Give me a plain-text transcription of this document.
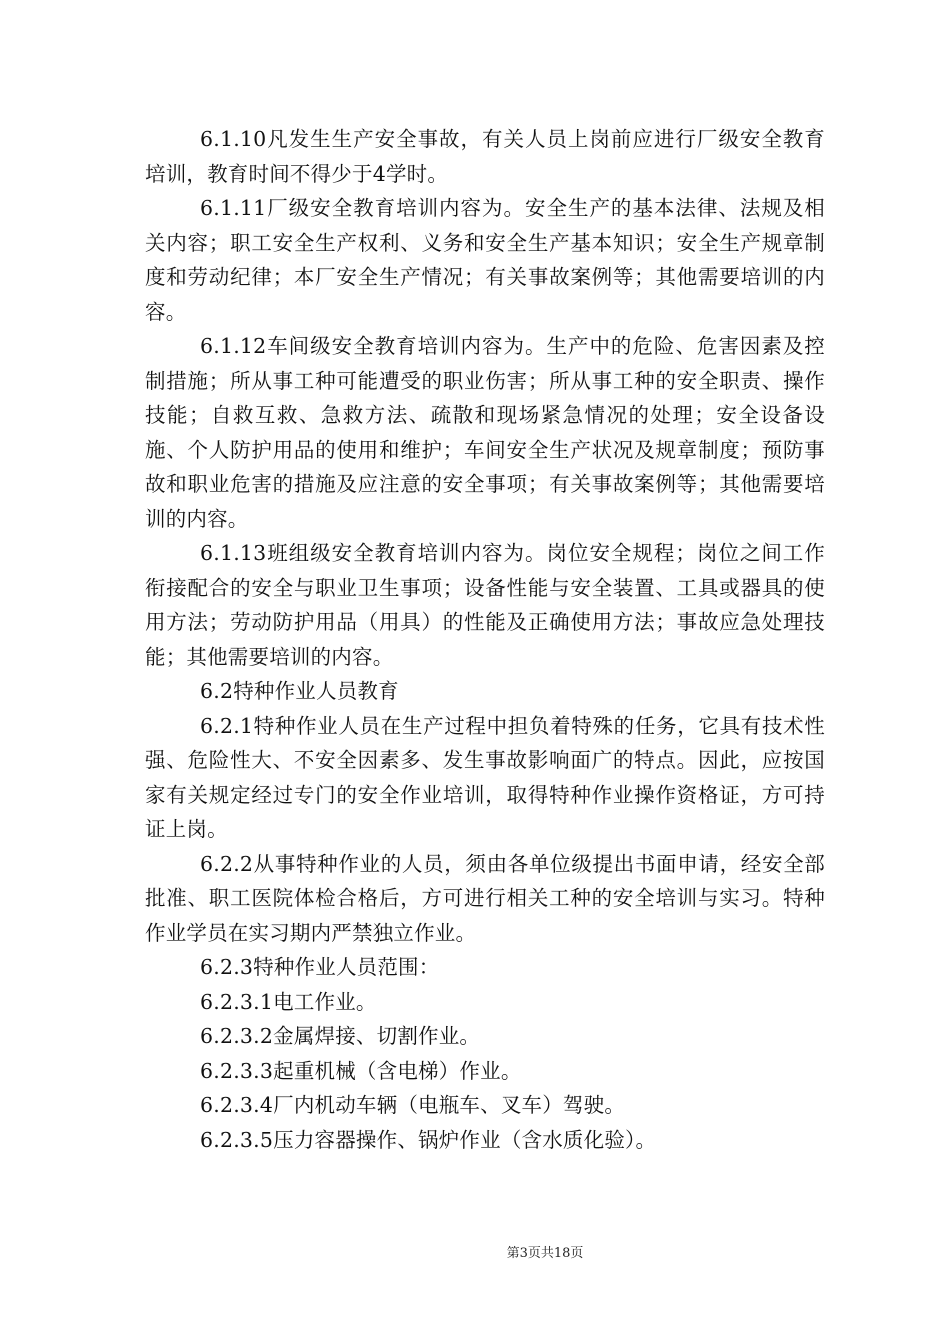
6.1.10凡发生生产安全事故，有关人员上岗前应进行厂级安全教育培训，教育时间不得少于4学时。

6.1.11厂级安全教育培训内容为。安全生产的基本法律、法规及相关内容；职工安全生产权利、义务和安全生产基本知识；安全生产规章制度和劳动纪律；本厂安全生产情况；有关事故案例等；其他需要培训的内容。

6.1.12车间级安全教育培训内容为。生产中的危险、危害因素及控制措施；所从事工种可能遭受的职业伤害；所从事工种的安全职责、操作技能；自救互救、急救方法、疏散和现场紧急情况的处理；安全设备设施、个人防护用品的使用和维护；车间安全生产状况及规章制度；预防事故和职业危害的措施及应注意的安全事项；有关事故案例等；其他需要培训的内容。

6.1.13班组级安全教育培训内容为。岗位安全规程；岗位之间工作衔接配合的安全与职业卫生事项；设备性能与安全装置、工具或器具的使用方法；劳动防护用品（用具）的性能及正确使用方法；事故应急处理技能；其他需要培训的内容。

6.2特种作业人员教育

6.2.1特种作业人员在生产过程中担负着特殊的任务，它具有技术性强、危险性大、不安全因素多、发生事故影响面广的特点。因此，应按国家有关规定经过专门的安全作业培训，取得特种作业操作资格证，方可持证上岗。

6.2.2从事特种作业的人员，须由各单位级提出书面申请，经安全部批准、职工医院体检合格后，方可进行相关工种的安全培训与实习。特种作业学员在实习期内严禁独立作业。

6.2.3特种作业人员范围：

6.2.3.1电工作业。

6.2.3.2金属焊接、切割作业。

6.2.3.3起重机械（含电梯）作业。

6.2.3.4厂内机动车辆（电瓶车、叉车）驾驶。

6.2.3.5压力容器操作、锅炉作业（含水质化验）。

第3页共18页
